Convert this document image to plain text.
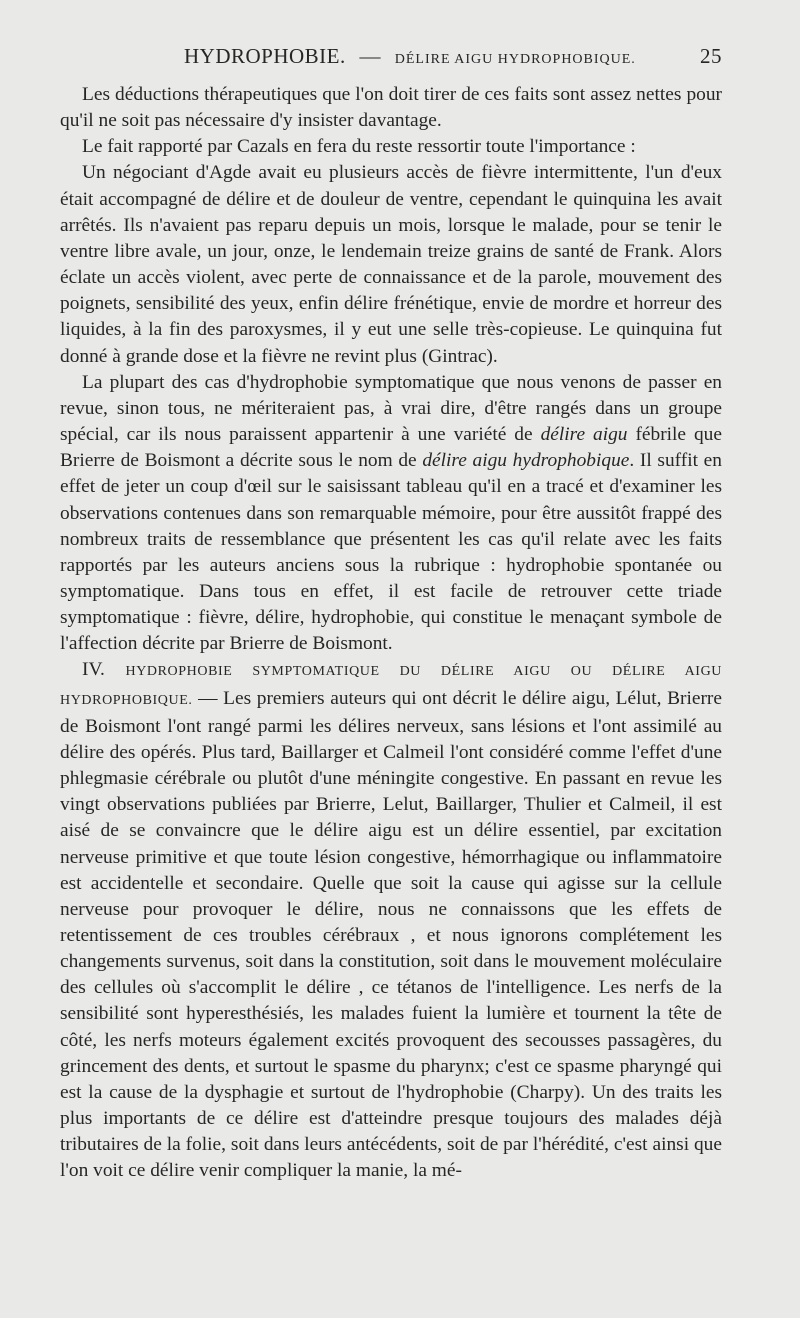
HYDROPHOBIE. — DÉLIRE AIGU HYDROPHOBIQUE.	25

Les déductions thérapeutiques que l'on doit tirer de ces faits sont assez nettes pour qu'il ne soit pas nécessaire d'y insister davantage.

Le fait rapporté par Cazals en fera du reste ressortir toute l'importance :

Un négociant d'Agde avait eu plusieurs accès de fièvre intermittente, l'un d'eux était accompagné de délire et de douleur de ventre, cependant le quinquina les avait arrêtés. Ils n'avaient pas reparu depuis un mois, lorsque le malade, pour se tenir le ventre libre avale, un jour, onze, le lendemain treize grains de santé de Frank. Alors éclate un accès violent, avec perte de connaissance et de la parole, mouvement des poignets, sensibilité des yeux, enfin délire frénétique, envie de mordre et horreur des liquides, à la fin des paroxysmes, il y eut une selle très-copieuse. Le quinquina fut donné à grande dose et la fièvre ne revint plus (Gintrac).

La plupart des cas d'hydrophobie symptomatique que nous venons de passer en revue, sinon tous, ne mériteraient pas, à vrai dire, d'être rangés dans un groupe spécial, car ils nous paraissent appartenir à une variété de délire aigu fébrile que Brierre de Boismont a décrite sous le nom de délire aigu hydrophobique. Il suffit en effet de jeter un coup d'œil sur le saisissant tableau qu'il en a tracé et d'examiner les observations contenues dans son remarquable mémoire, pour être aussitôt frappé des nombreux traits de ressemblance que présentent les cas qu'il relate avec les faits rapportés par les auteurs anciens sous la rubrique : hydrophobie spontanée ou symptomatique. Dans tous en effet, il est facile de retrouver cette triade symptomatique : fièvre, délire, hydrophobie, qui constitue le menaçant symbole de l'affection décrite par Brierre de Boismont.

IV. HYDROPHOBIE SYMPTOMATIQUE DU DÉLIRE AIGU OU DÉLIRE AIGU HYDROPHOBIQUE. — Les premiers auteurs qui ont décrit le délire aigu, Lélut, Brierre de Boismont l'ont rangé parmi les délires nerveux, sans lésions et l'ont assimilé au délire des opérés. Plus tard, Baillarger et Calmeil l'ont considéré comme l'effet d'une phlegmasie cérébrale ou plutôt d'une méningite congestive. En passant en revue les vingt observations publiées par Brierre, Lelut, Baillarger, Thulier et Calmeil, il est aisé de se convaincre que le délire aigu est un délire essentiel, par excitation nerveuse primitive et que toute lésion congestive, hémorrhagique ou inflammatoire est accidentelle et secondaire. Quelle que soit la cause qui agisse sur la cellule nerveuse pour provoquer le délire, nous ne connaissons que les effets de retentissement de ces troubles cérébraux , et nous ignorons complétement les changements survenus, soit dans la constitution, soit dans le mouvement moléculaire des cellules où s'accomplit le délire , ce tétanos de l'intelligence. Les nerfs de la sensibilité sont hyperesthésiés, les malades fuient la lumière et tournent la tête de côté, les nerfs moteurs également excités provoquent des secousses passagères, du grincement des dents, et surtout le spasme du pharynx; c'est ce spasme pharyngé qui est la cause de la dysphagie et surtout de l'hydrophobie (Charpy). Un des traits les plus importants de ce délire est d'atteindre presque toujours des malades déjà tributaires de la folie, soit dans leurs antécédents, soit de par l'hérédité, c'est ainsi que l'on voit ce délire venir compliquer la manie, la mé-
